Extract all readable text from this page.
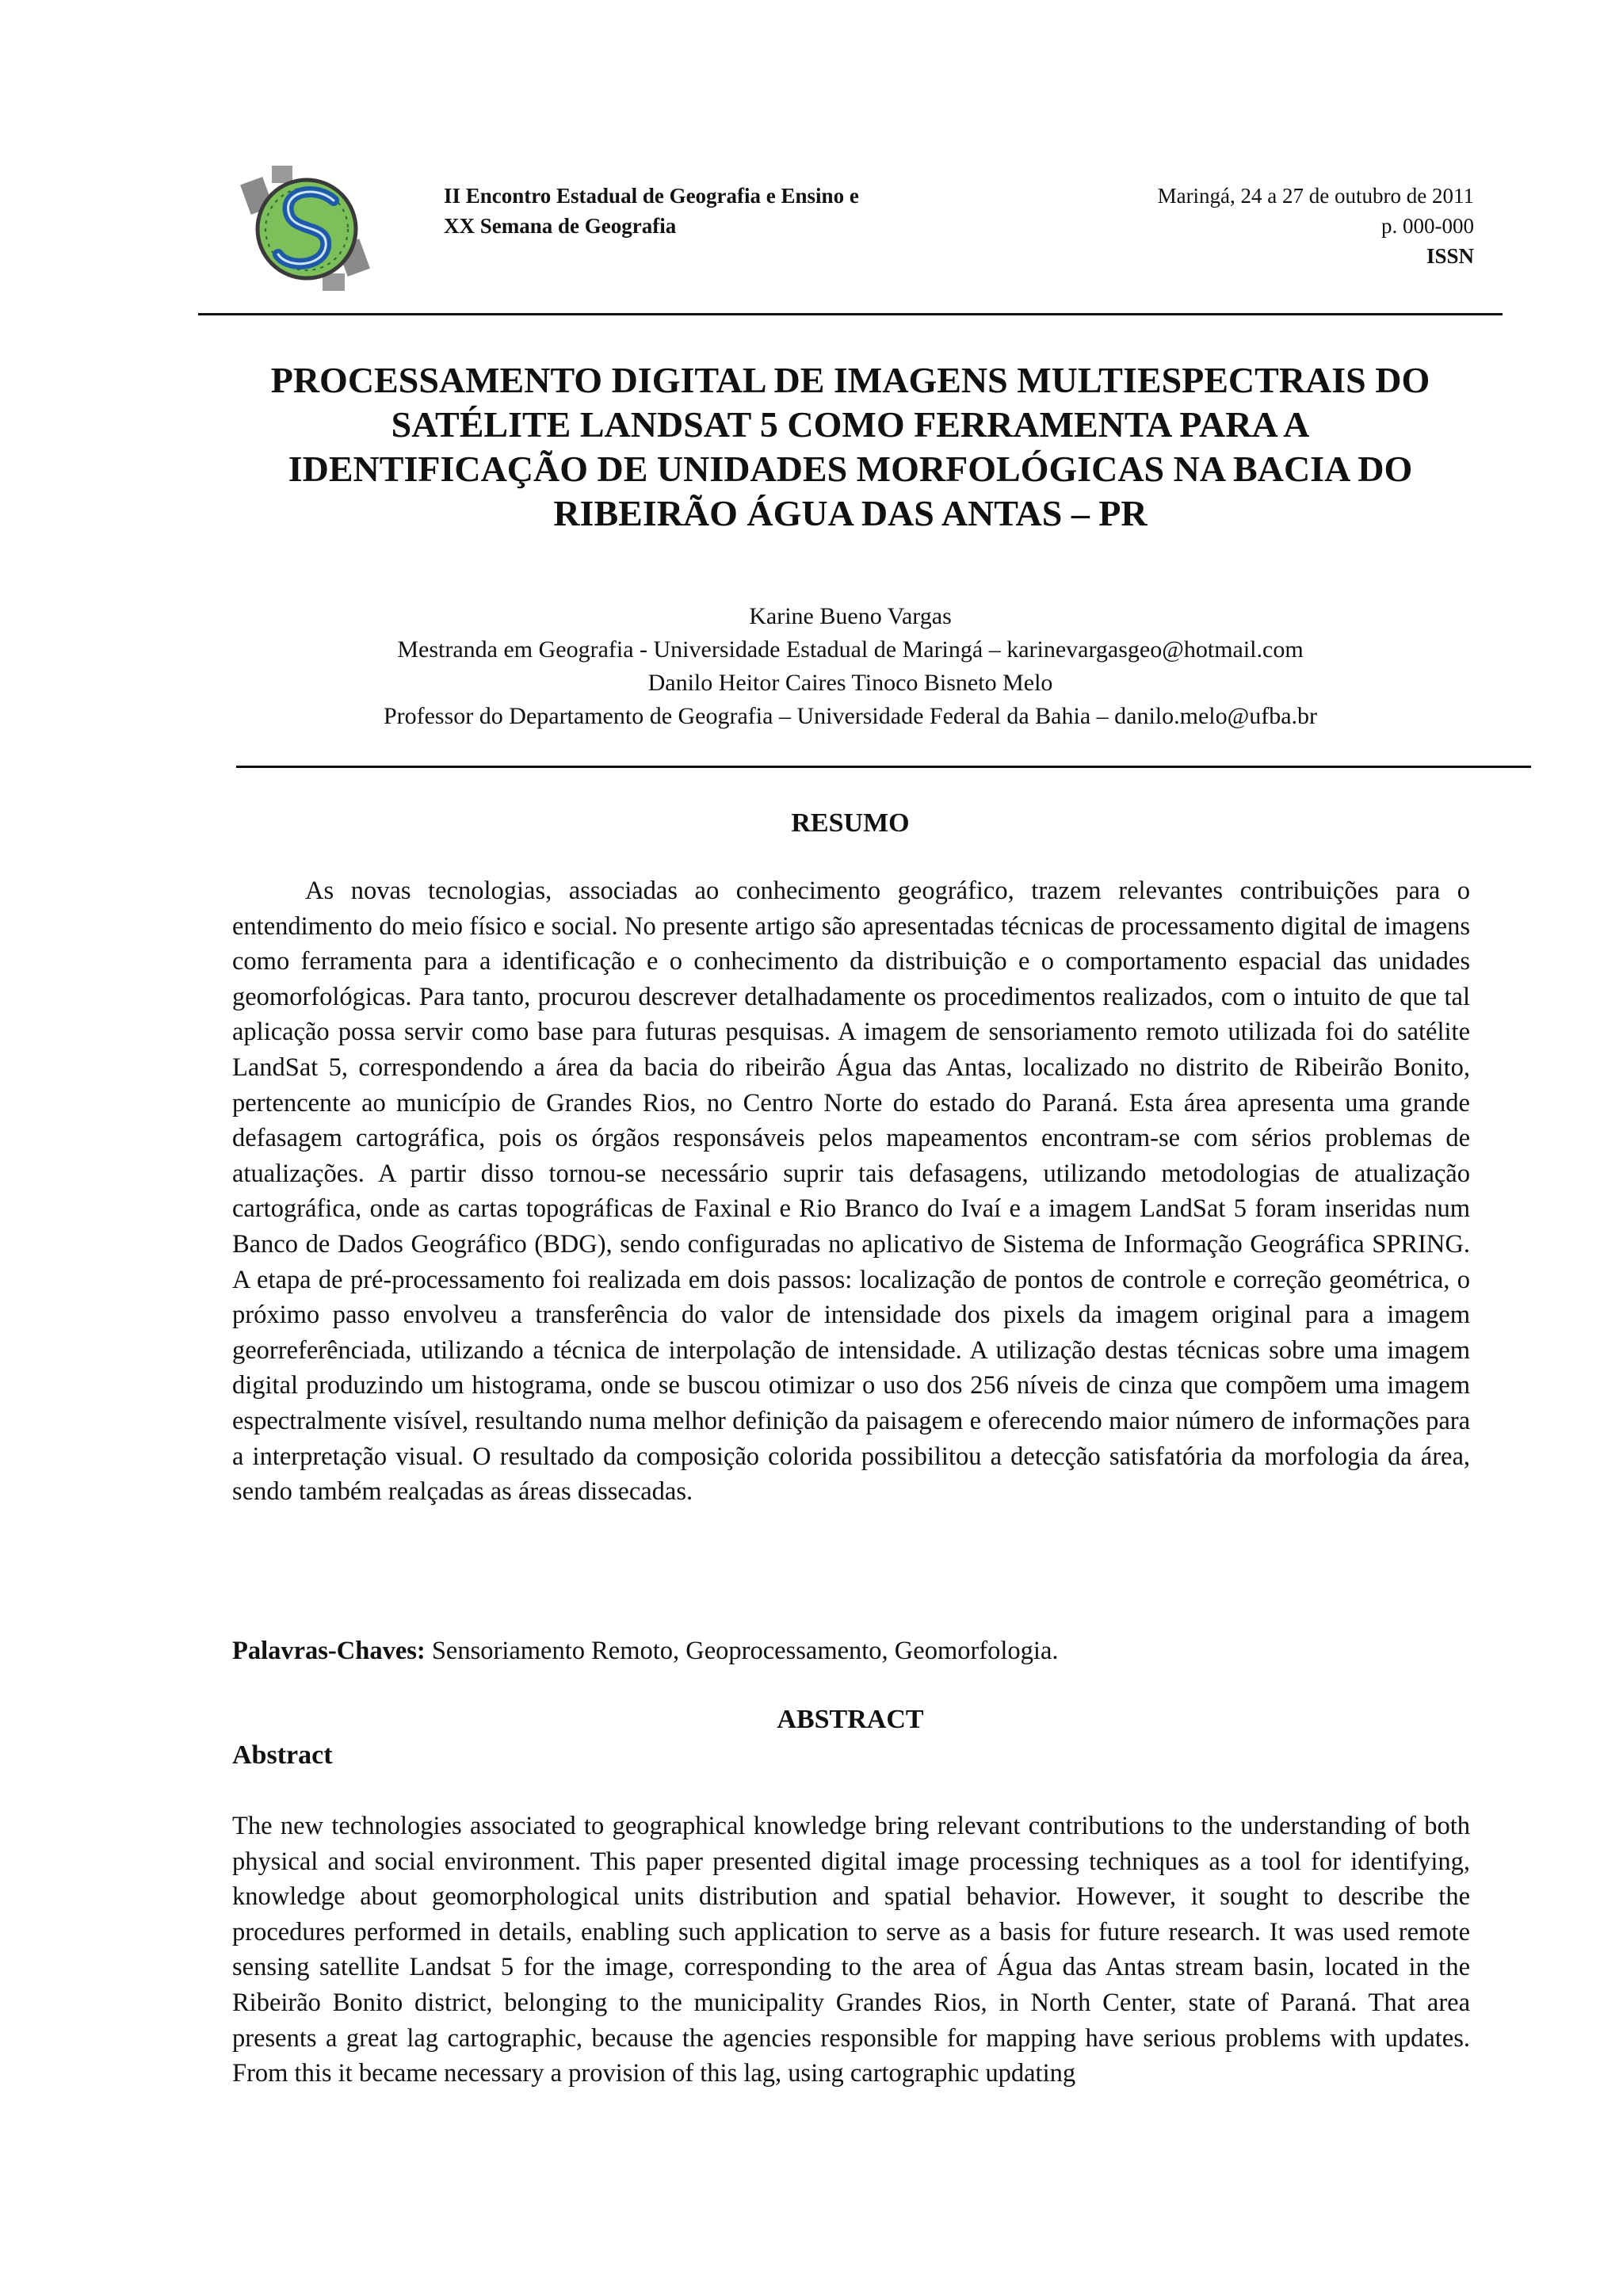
II Encontro Estadual de Geografia e Ensino e
XX Semana de Geografia
Maringá, 24 a 27 de outubro de 2011
p. 000-000
ISSN
PROCESSAMENTO DIGITAL DE IMAGENS MULTIESPECTRAIS DO
SATÉLITE LANDSAT 5 COMO FERRAMENTA PARA A
IDENTIFICAÇÃO DE UNIDADES MORFOLÓGICAS NA BACIA DO
RIBEIRÃO ÁGUA DAS ANTAS – PR
Karine Bueno Vargas
Mestranda em Geografia - Universidade Estadual de Maringá – karinevargasgeo@hotmail.com
Danilo Heitor Caires Tinoco Bisneto Melo
Professor do Departamento de Geografia – Universidade Federal da Bahia – danilo.melo@ufba.br
RESUMO

As novas tecnologias, associadas ao conhecimento geográfico, trazem relevantes contribuições para o entendimento do meio físico e social. No presente artigo são apresentadas técnicas de processamento digital de imagens como ferramenta para a identificação e o conhecimento da distribuição e o comportamento espacial das unidades geomorfológicas. Para tanto, procurou descrever detalhadamente os procedimentos realizados, com o intuito de que tal aplicação possa servir como base para futuras pesquisas. A imagem de sensoriamento remoto utilizada foi do satélite LandSat 5, correspondendo a área da bacia do ribeirão Água das Antas, localizado no distrito de Ribeirão Bonito, pertencente ao município de Grandes Rios, no Centro Norte do estado do Paraná. Esta área apresenta uma grande defasagem cartográfica, pois os órgãos responsáveis pelos mapeamentos encontram-se com sérios problemas de atualizações. A partir disso tornou-se necessário suprir tais defasagens, utilizando metodologias de atualização cartográfica, onde as cartas topográficas de Faxinal e Rio Branco do Ivaí e a imagem LandSat 5 foram inseridas num Banco de Dados Geográfico (BDG), sendo configuradas no aplicativo de Sistema de Informação Geográfica SPRING. A etapa de pré-processamento foi realizada em dois passos: localização de pontos de controle e correção geométrica, o próximo passo envolveu a transferência do valor de intensidade dos pixels da imagem original para a imagem georreferênciada, utilizando a técnica de interpolação de intensidade. A utilização destas técnicas sobre uma imagem digital produzindo um histograma, onde se buscou otimizar o uso dos 256 níveis de cinza que compõem uma imagem espectralmente visível, resultando numa melhor definição da paisagem e oferecendo maior número de informações para a interpretação visual. O resultado da composição colorida possibilitou a detecção satisfatória da morfologia da área, sendo também realçadas as áreas dissecadas.

Palavras-Chaves: Sensoriamento Remoto, Geoprocessamento, Geomorfologia.

ABSTRACT
Abstract

The new technologies associated to geographical knowledge bring relevant contributions to the understanding of both physical and social environment. This paper presented digital image processing techniques as a tool for identifying, knowledge about geomorphological units distribution and spatial behavior. However, it sought to describe the procedures performed in details, enabling such application to serve as a basis for future research. It was used remote sensing satellite Landsat 5 for the image, corresponding to the area of Água das Antas stream basin, located in the Ribeirão Bonito district, belonging to the municipality Grandes Rios, in North Center, state of Paraná. That area presents a great lag cartographic, because the agencies responsible for mapping have serious problems with updates. From this it became necessary a provision of this lag, using cartographic updating
